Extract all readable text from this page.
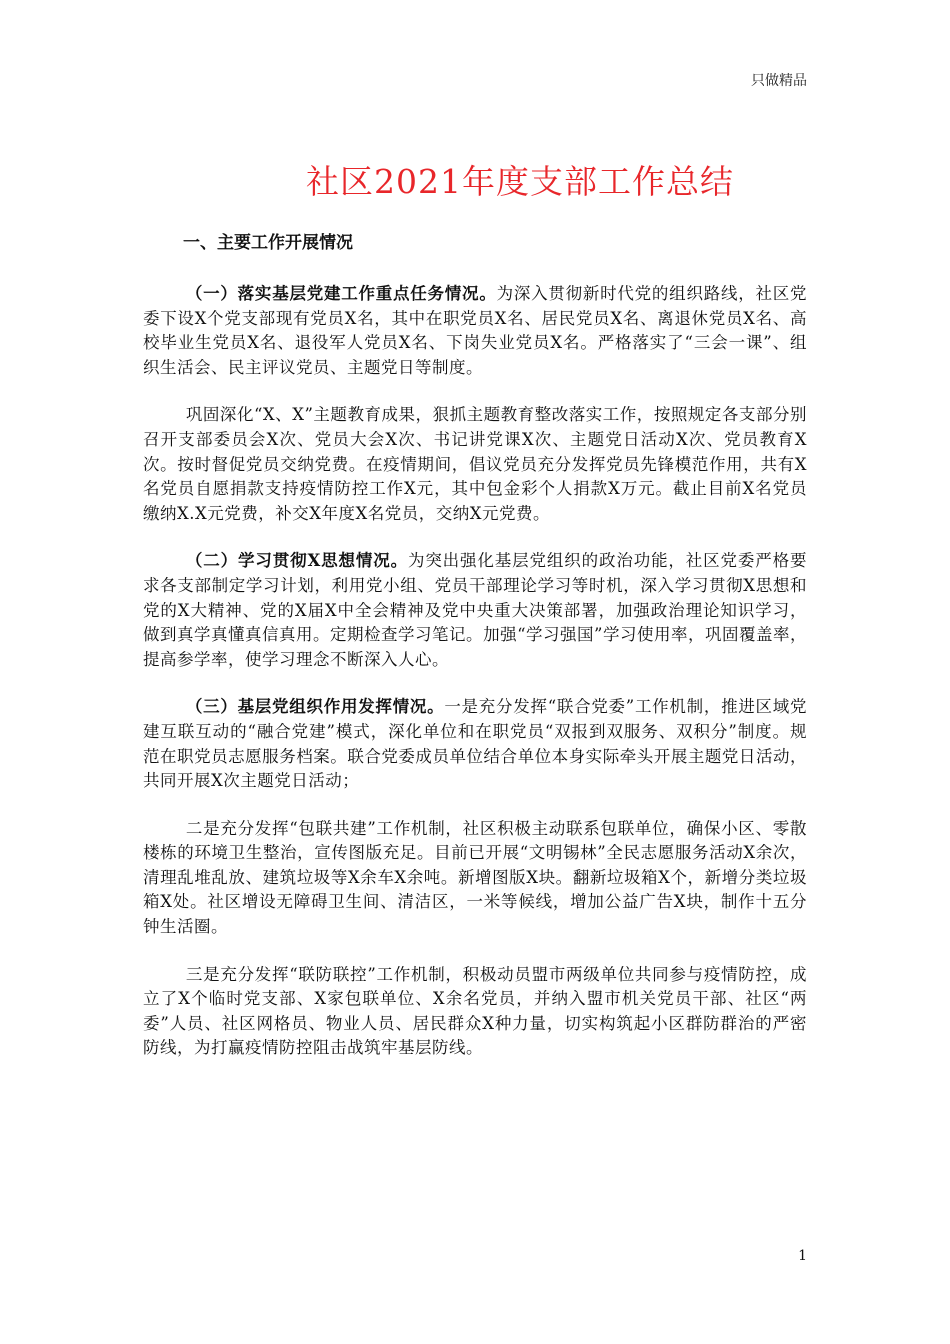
只做精品
社区2021年度支部工作总结
一、主要工作开展情况

（一）落实基层党建工作重点任务情况。为深入贯彻新时代党的组织路线，社区党委下设X个党支部现有党员X名，其中在职党员X名、居民党员X名、离退休党员X名、高校毕业生党员X名、退役军人党员X名、下岗失业党员X名。严格落实了“三会一课”、组织生活会、民主评议党员、主题党日等制度。

巩固深化“X、X”主题教育成果，狠抓主题教育整改落实工作，按照规定各支部分别召开支部委员会X次、党员大会X次、书记讲党课X次、主题党日活动X次、党员教育X次。按时督促党员交纳党费。在疫情期间，倡议党员充分发挥党员先锋模范作用，共有X名党员自愿捐款支持疫情防控工作X元，其中包金彩个人捐款X万元。截止目前X名党员缴纳X.X元党费，补交X年度X名党员，交纳X元党费。

（二）学习贯彻X思想情况。为突出强化基层党组织的政治功能，社区党委严格要求各支部制定学习计划，利用党小组、党员干部理论学习等时机，深入学习贯彻X思想和党的X大精神、党的X届X中全会精神及党中央重大决策部署，加强政治理论知识学习，做到真学真懂真信真用。定期检查学习笔记。加强“学习强国”学习使用率，巩固覆盖率，提高参学率，使学习理念不断深入人心。

（三）基层党组织作用发挥情况。一是充分发挥“联合党委”工作机制，推进区域党建互联互动的“融合党建”模式，深化单位和在职党员“双报到双服务、双积分”制度。规范在职党员志愿服务档案。联合党委成员单位结合单位本身实际牵头开展主题党日活动，共同开展X次主题党日活动；

二是充分发挥“包联共建”工作机制，社区积极主动联系包联单位，确保小区、零散楼栋的环境卫生整治，宣传图版充足。目前已开展“文明锡林”全民志愿服务活动X余次，清理乱堆乱放、建筑垃圾等X余车X余吨。新增图版X块。翻新垃圾箱X个，新增分类垃圾箱X处。社区增设无障碍卫生间、清洁区，一米等候线，增加公益广告X块，制作十五分钟生活圈。

三是充分发挥“联防联控”工作机制，积极动员盟市两级单位共同参与疫情防控，成立了X个临时党支部、X家包联单位、X余名党员，并纳入盟市机关党员干部、社区“两委”人员、社区网格员、物业人员、居民群众X种力量，切实构筑起小区群防群治的严密防线，为打赢疫情防控阻击战筑牢基层防线。

1
